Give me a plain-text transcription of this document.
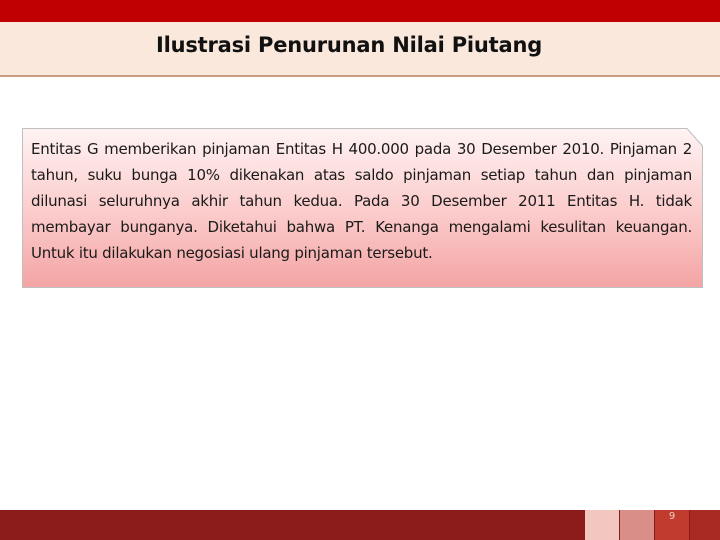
Ilustrasi Penurunan Nilai Piutang
Entitas G memberikan pinjaman Entitas H 400.000 pada 30 Desember 2010. Pinjaman 2 tahun, suku bunga 10% dikenakan atas saldo pinjaman setiap tahun dan pinjaman dilunasi seluruhnya akhir tahun kedua. Pada 30 Desember 2011 Entitas H. tidak membayar bunganya. Diketahui bahwa PT. Kenanga mengalami kesulitan keuangan. Untuk itu dilakukan negosiasi ulang pinjaman tersebut.
9
